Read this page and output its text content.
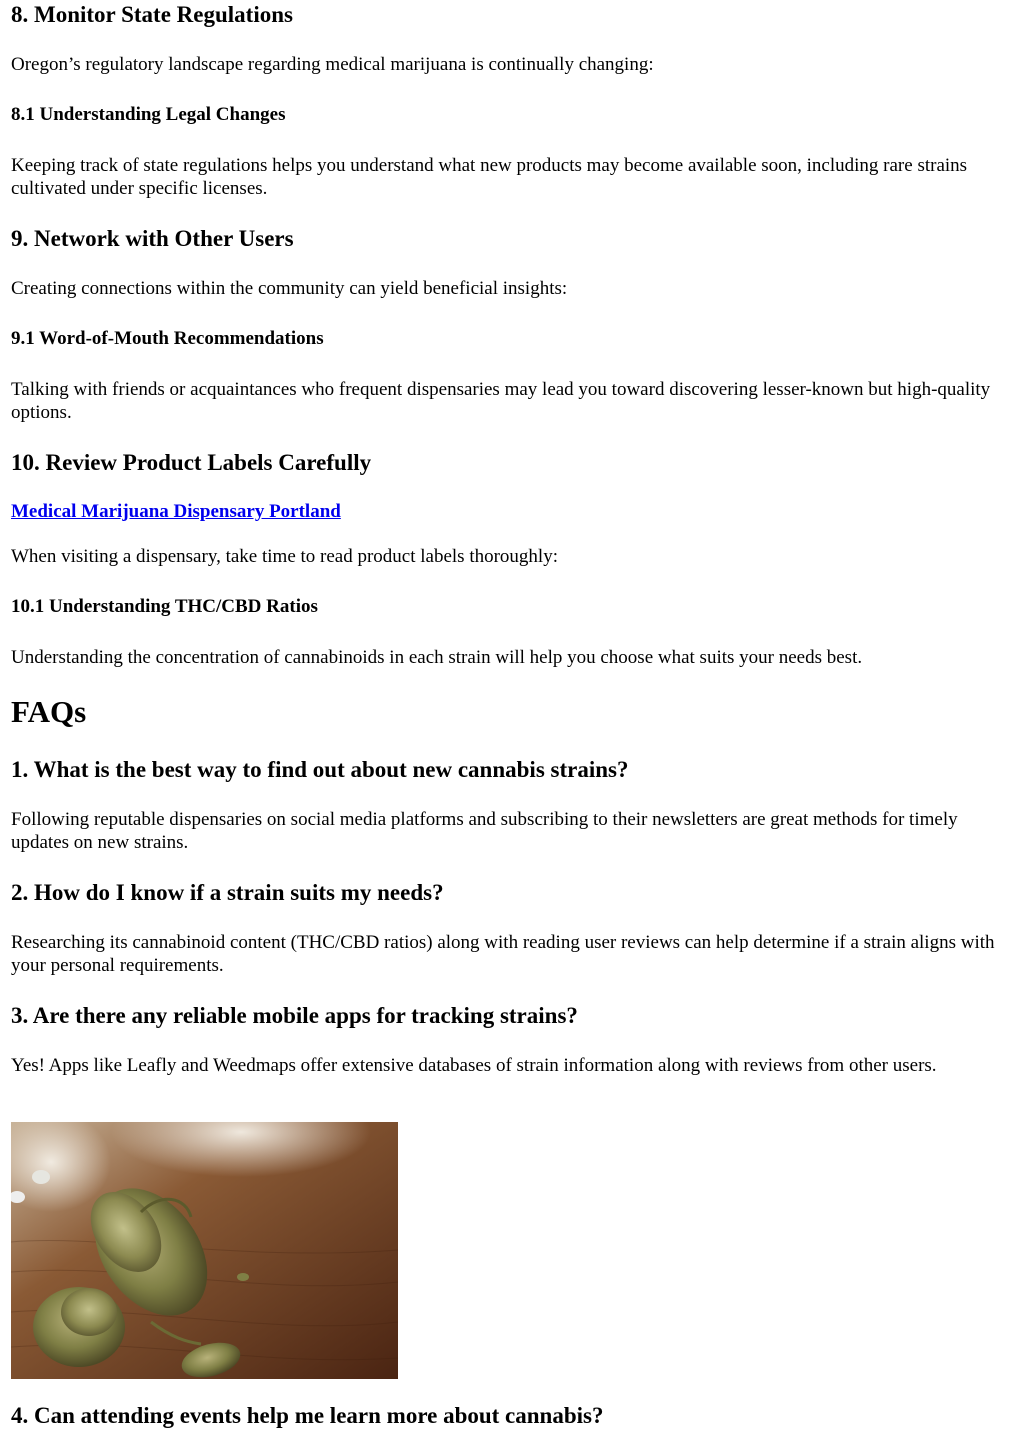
8. Monitor State Regulations

Oregon’s regulatory landscape regarding medical marijuana is continually changing:

8.1 Understanding Legal Changes

Keeping track of state regulations helps you understand what new products may become available soon, including rare strains cultivated under specific licenses.

9. Network with Other Users

Creating connections within the community can yield beneficial insights:

9.1 Word-of-Mouth Recommendations

Talking with friends or acquaintances who frequent dispensaries may lead you toward discovering lesser-known but high-quality options.

10. Review Product Labels Carefully
Medical Marijuana Dispensary Portland

When visiting a dispensary, take time to read product labels thoroughly:

10.1 Understanding THC/CBD Ratios

Understanding the concentration of cannabinoids in each strain will help you choose what suits your needs best.

FAQs
1. What is the best way to find out about new cannabis strains?

Following reputable dispensaries on social media platforms and subscribing to their newsletters are great methods for timely updates on new strains.

2. How do I know if a strain suits my needs?

Researching its cannabinoid content (THC/CBD ratios) along with reading user reviews can help determine if a strain aligns with your personal requirements.

3. Are there any reliable mobile apps for tracking strains?

Yes! Apps like Leafly and Weedmaps offer extensive databases of strain information along with reviews from other users.

4. Can attending events help me learn more about cannabis?
